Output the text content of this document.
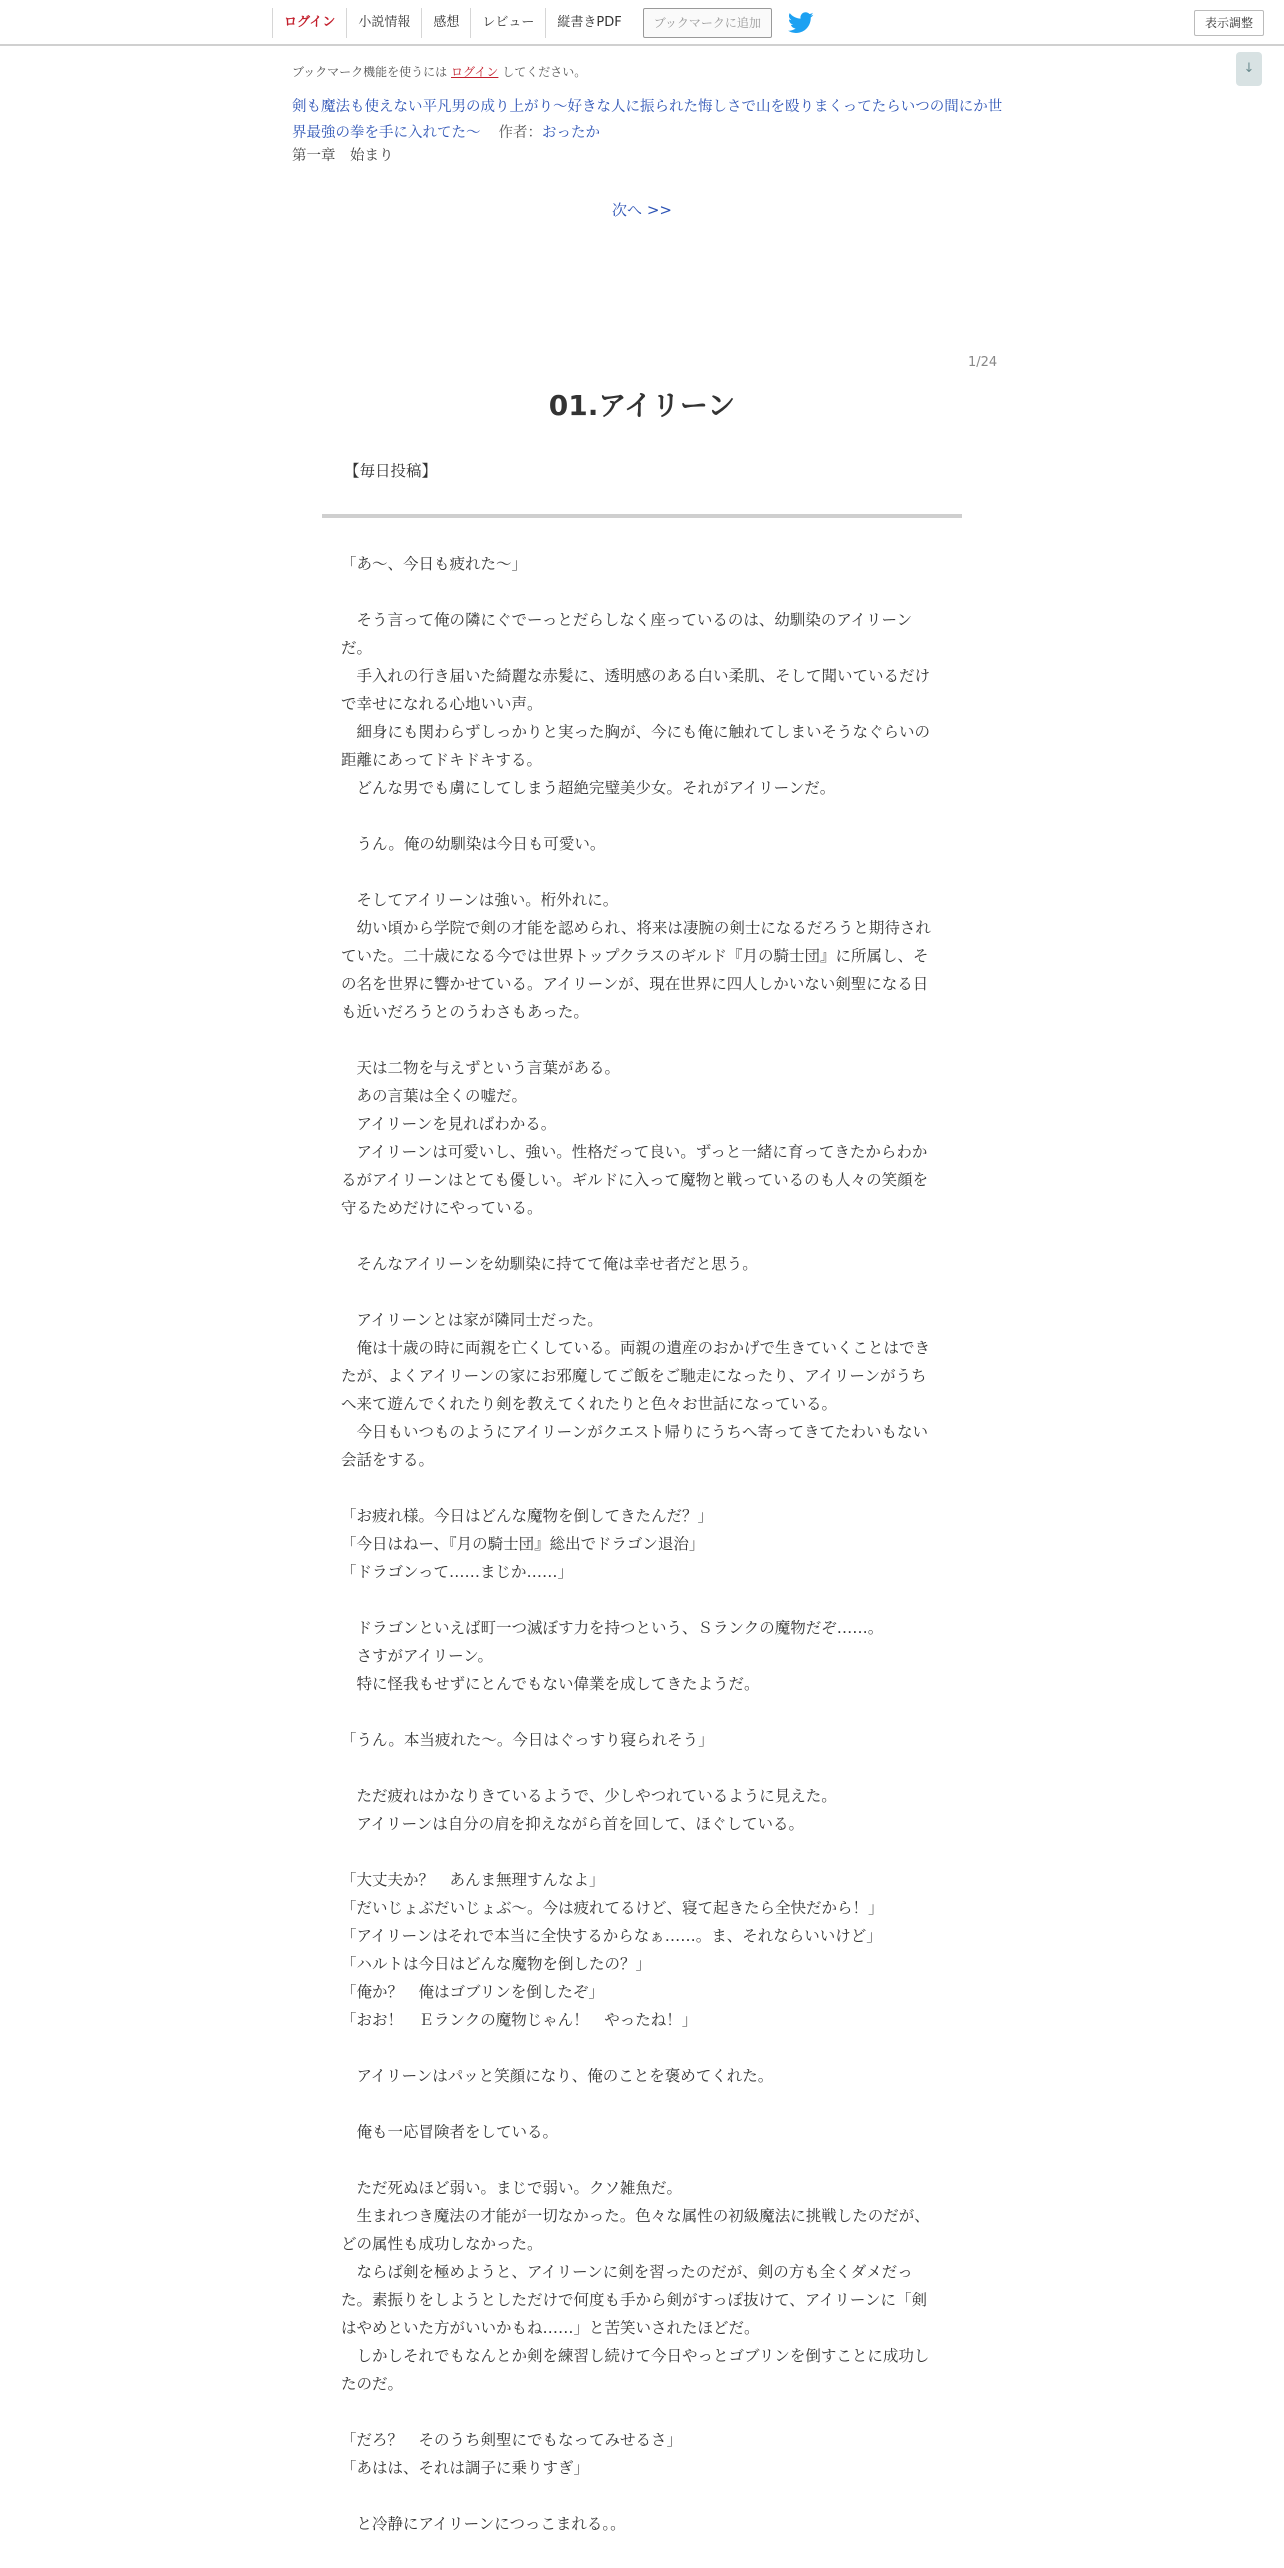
ログイン	小説情報	感想	レビュー	縦書きPDF	ブックマークに追加	表示調整
↓
ブックマーク機能を使うには ログイン してください。
剣も魔法も使えない平凡男の成り上がり〜好きな人に振られた悔しさで山を殴りまくってたらいつの間にか世界最強の拳を手に入れてた〜 作者：おったか
第一章　始まり
次へ >>
1/24
01.アイリーン
【毎日投稿】

「あ～、今日も疲れた～」

　そう言って俺の隣にぐでーっとだらしなく座っているのは、幼馴染のアイリーンだ。

　手入れの行き届いた綺麗な赤髪に、透明感のある白い柔肌、そして聞いているだけで幸せになれる心地いい声。

　細身にも関わらずしっかりと実った胸が、今にも俺に触れてしまいそうなぐらいの距離にあってドキドキする。

　どんな男でも虜にしてしまう超絶完璧美少女。それがアイリーンだ。

　うん。俺の幼馴染は今日も可愛い。

　そしてアイリーンは強い。桁外れに。

　幼い頃から学院で剣の才能を認められ、将来は凄腕の剣士になるだろうと期待されていた。二十歳になる今では世界トップクラスのギルド『月の騎士団』に所属し、その名を世界に響かせている。アイリーンが、現在世界に四人しかいない剣聖になる日も近いだろうとのうわさもあった。

　天は二物を与えずという言葉がある。

　あの言葉は全くの嘘だ。

　アイリーンを見ればわかる。

　アイリーンは可愛いし、強い。性格だって良い。ずっと一緒に育ってきたからわかるがアイリーンはとても優しい。ギルドに入って魔物と戦っているのも人々の笑顔を守るためだけにやっている。

　そんなアイリーンを幼馴染に持てて俺は幸せ者だと思う。

　アイリーンとは家が隣同士だった。

　俺は十歳の時に両親を亡くしている。両親の遺産のおかげで生きていくことはできたが、よくアイリーンの家にお邪魔してご飯をご馳走になったり、アイリーンがうちへ来て遊んでくれたり剣を教えてくれたりと色々お世話になっている。

　今日もいつものようにアイリーンがクエスト帰りにうちへ寄ってきてたわいもない会話をする。

「お疲れ様。今日はどんな魔物を倒してきたんだ？」

「今日はねー、『月の騎士団』総出でドラゴン退治」

「ドラゴンって……まじか……」

　ドラゴンといえば町一つ滅ぼす力を持つという、Ｓランクの魔物だぞ……。

　さすがアイリーン。

　特に怪我もせずにとんでもない偉業を成してきたようだ。

「うん。本当疲れた～。今日はぐっすり寝られそう」

　ただ疲れはかなりきているようで、少しやつれているように見えた。

　アイリーンは自分の肩を抑えながら首を回して、ほぐしている。

「大丈夫か？　あんま無理すんなよ」

「だいじょぶだいじょぶ～。今は疲れてるけど、寝て起きたら全快だから！」

「アイリーンはそれで本当に全快するからなぁ……。ま、それならいいけど」

「ハルトは今日はどんな魔物を倒したの？」

「俺か？　俺はゴブリンを倒したぞ」

「おお！　Ｅランクの魔物じゃん！　やったね！」

　アイリーンはパッと笑顔になり、俺のことを褒めてくれた。

　俺も一応冒険者をしている。

　ただ死ぬほど弱い。まじで弱い。クソ雑魚だ。

　生まれつき魔法の才能が一切なかった。色々な属性の初級魔法に挑戦したのだが、どの属性も成功しなかった。

　ならば剣を極めようと、アイリーンに剣を習ったのだが、剣の方も全くダメだった。素振りをしようとしただけで何度も手から剣がすっぽ抜けて、アイリーンに「剣はやめといた方がいいかもね……」と苦笑いされたほどだ。

　しかしそれでもなんとか剣を練習し続けて今日やっとゴブリンを倒すことに成功したのだ。

「だろ？　そのうち剣聖にでもなってみせるさ」

「あはは、それは調子に乗りすぎ」

　と冷静にアイリーンにつっこまれる。。
